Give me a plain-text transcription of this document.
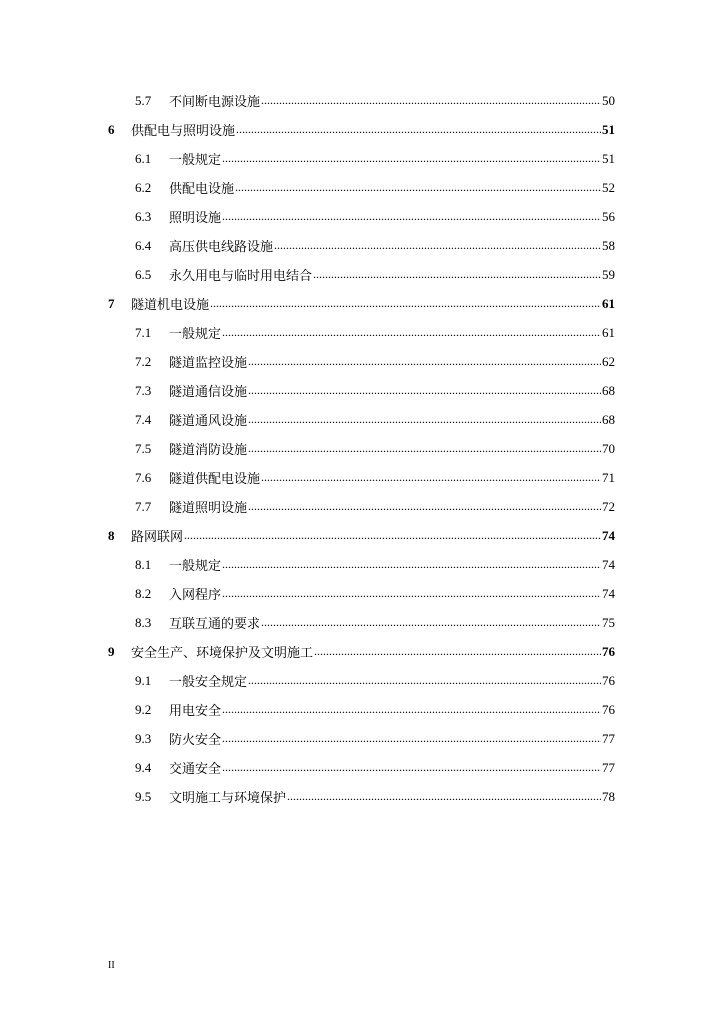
5.7	不间断电源设施 .....	50
6	供配电与照明设施 .....	51
6.1	一般规定 .....	51
6.2	供配电设施 .....	52
6.3	照明设施 .....	56
6.4	高压供电线路设施 .....	58
6.5	永久用电与临时用电结合 .....	59
7	隧道机电设施 .....	61
7.1	一般规定 .....	61
7.2	隧道监控设施 .....	62
7.3	隧道通信设施 .....	68
7.4	隧道通风设施 .....	68
7.5	隧道消防设施 .....	70
7.6	隧道供配电设施 .....	71
7.7	隧道照明设施 .....	72
8	路网联网 .....	74
8.1	一般规定 .....	74
8.2	入网程序 .....	74
8.3	互联互通的要求 .....	75
9	安全生产、环境保护及文明施工 .....	76
9.1	一般安全规定 .....	76
9.2	用电安全 .....	76
9.3	防火安全 .....	77
9.4	交通安全 .....	77
9.5	文明施工与环境保护 .....	78
II
